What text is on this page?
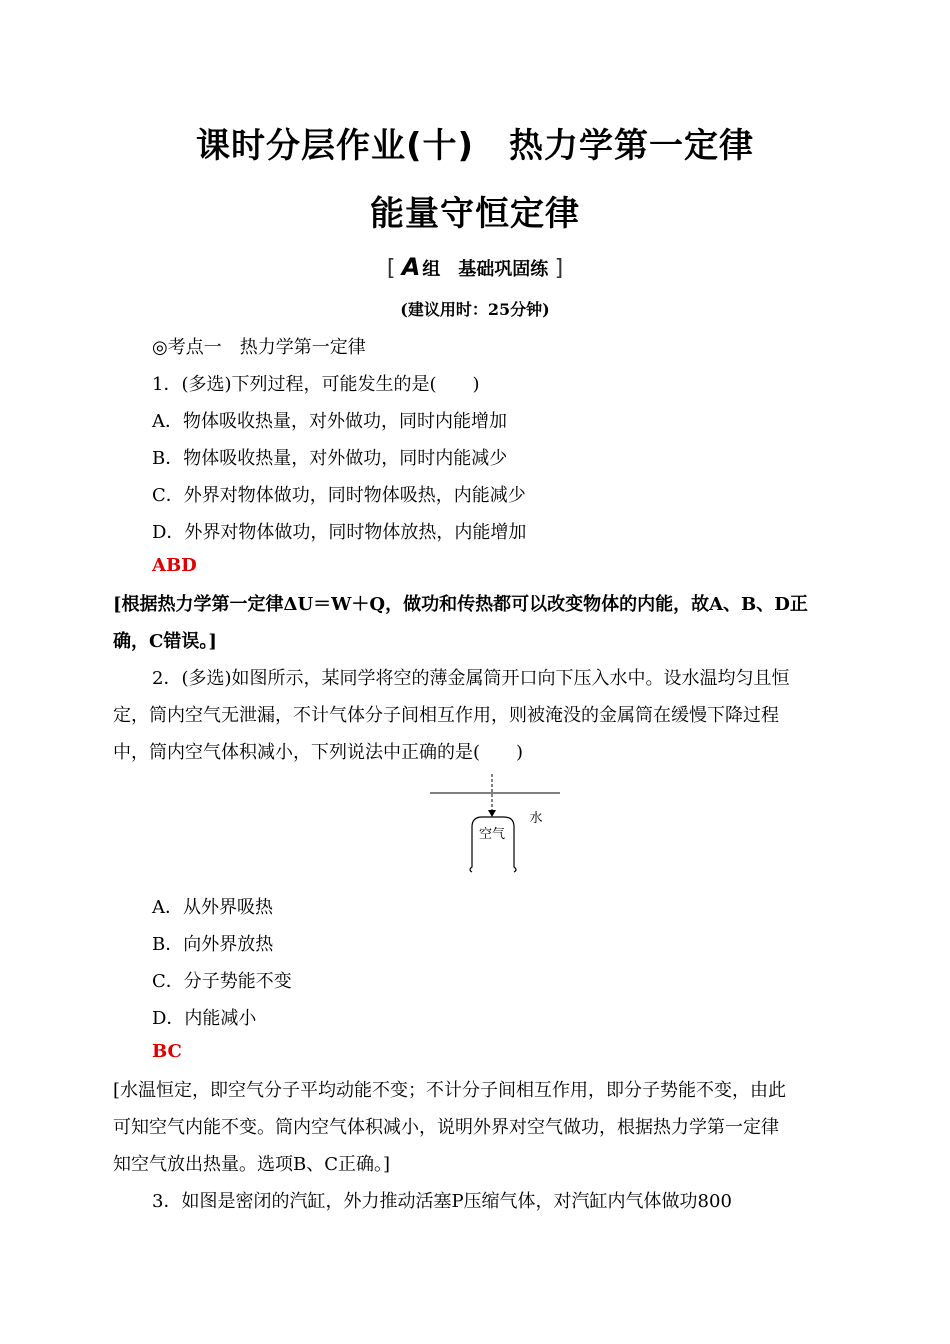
课时分层作业(十)　热力学第一定律
能量守恒定律
[ A 组　基础巩固练 ]
(建议用时：25分钟)
◎考点一　热力学第一定律
1．(多选)下列过程，可能发生的是(　　)
A．物体吸收热量，对外做功，同时内能增加
B．物体吸收热量，对外做功，同时内能减少
C．外界对物体做功，同时物体吸热，内能减少
D．外界对物体做功，同时物体放热，内能增加
ABD
[根据热力学第一定律ΔU＝W＋Q，做功和传热都可以改变物体的内能，故A、B、D正
确，C错误。]
2．(多选)如图所示，某同学将空的薄金属筒开口向下压入水中。设水温均匀且恒
定，筒内空气无泄漏，不计气体分子间相互作用，则被淹没的金属筒在缓慢下降过程
中，筒内空气体积减小，下列说法中正确的是(　　)
空气
水
A．从外界吸热
B．向外界放热
C．分子势能不变
D．内能减小
BC
[水温恒定，即空气分子平均动能不变；不计分子间相互作用，即分子势能不变，由此
可知空气内能不变。筒内空气体积减小，说明外界对空气做功，根据热力学第一定律
知空气放出热量。选项B、C正确。]
3．如图是密闭的汽缸，外力推动活塞P压缩气体，对汽缸内气体做功800
